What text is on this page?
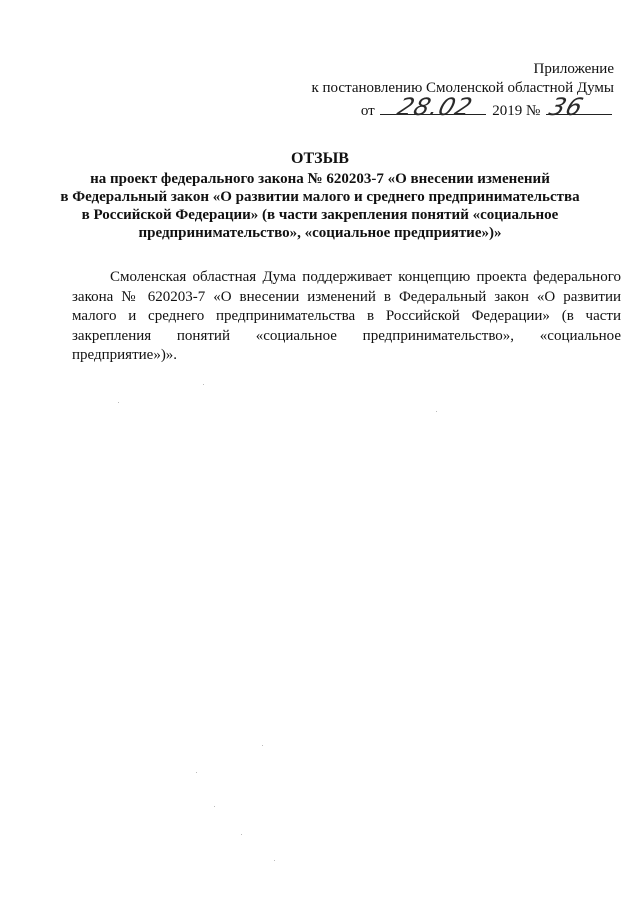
Приложение
к постановлению Смоленской областной Думы
от 28.02 2019 № 36
ОТЗЫВ
на проект федерального закона № 620203-7 «О внесении изменений
в Федеральный закон «О развитии малого и среднего предпринимательства
в Российской Федерации» (в части закрепления понятий «социальное
предпринимательство», «социальное предприятие»)»
Смоленская областная Дума поддерживает концепцию проекта федерального закона № 620203-7 «О внесении изменений в Федеральный закон «О развитии малого и среднего предпринимательства в Российской Федерации» (в части закрепления понятий «социальное предпринимательство», «социальное предприятие»)».
